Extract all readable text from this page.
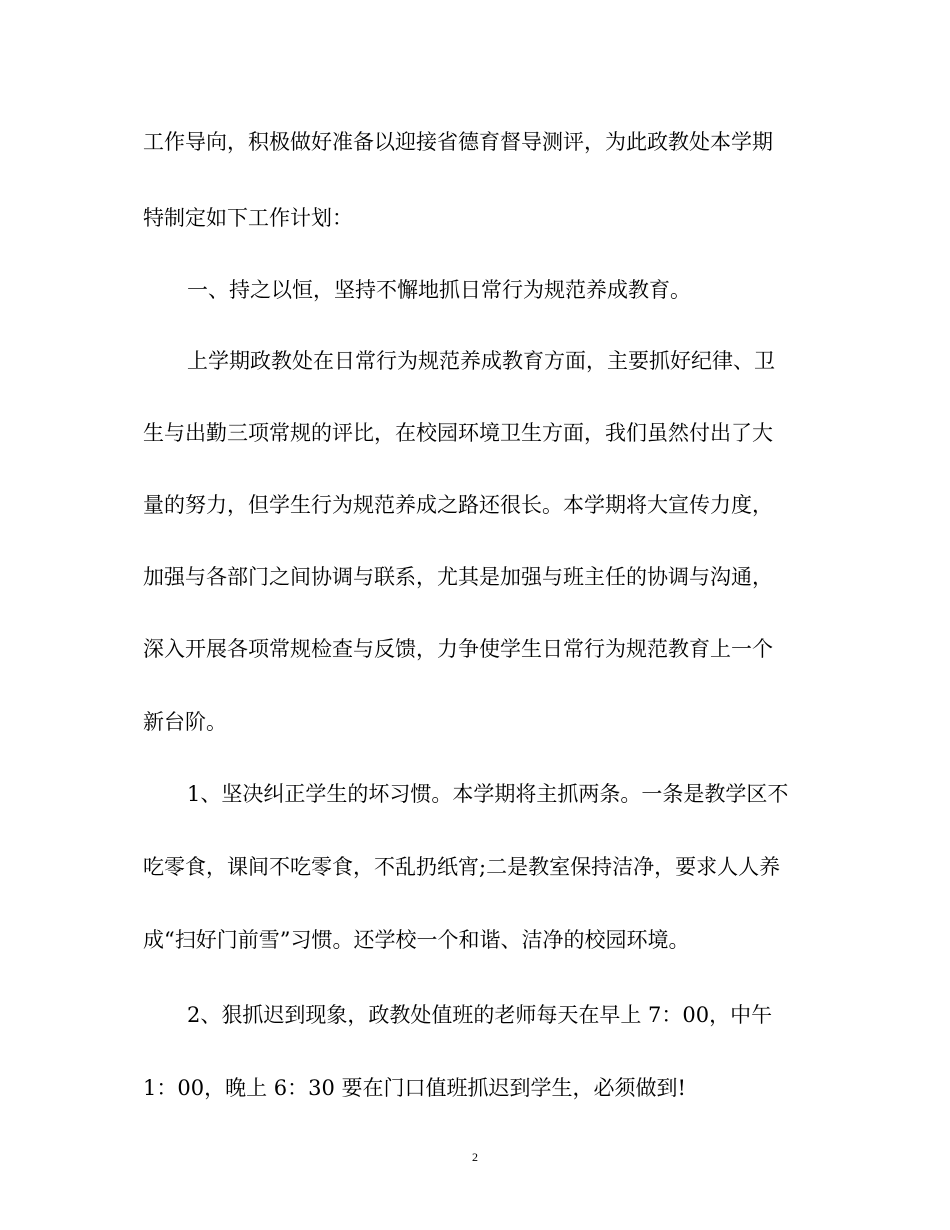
工作导向，积极做好准备以迎接省德育督导测评，为此政教处本学期
特制定如下工作计划：
一、持之以恒，坚持不懈地抓日常行为规范养成教育。
上学期政教处在日常行为规范养成教育方面，主要抓好纪律、卫
生与出勤三项常规的评比，在校园环境卫生方面，我们虽然付出了大
量的努力，但学生行为规范养成之路还很长。本学期将大宣传力度，
加强与各部门之间协调与联系，尤其是加强与班主任的协调与沟通，
深入开展各项常规检查与反馈，力争使学生日常行为规范教育上一个
新台阶。
1、坚决纠正学生的坏习惯。本学期将主抓两条。一条是教学区不
吃零食，课间不吃零食，不乱扔纸宵;二是教室保持洁净，要求人人养
成“扫好门前雪”习惯。还学校一个和谐、洁净的校园环境。
2、狠抓迟到现象，政教处值班的老师每天在早上 7：00，中午
1：00，晚上 6：30 要在门口值班抓迟到学生，必须做到!
2
